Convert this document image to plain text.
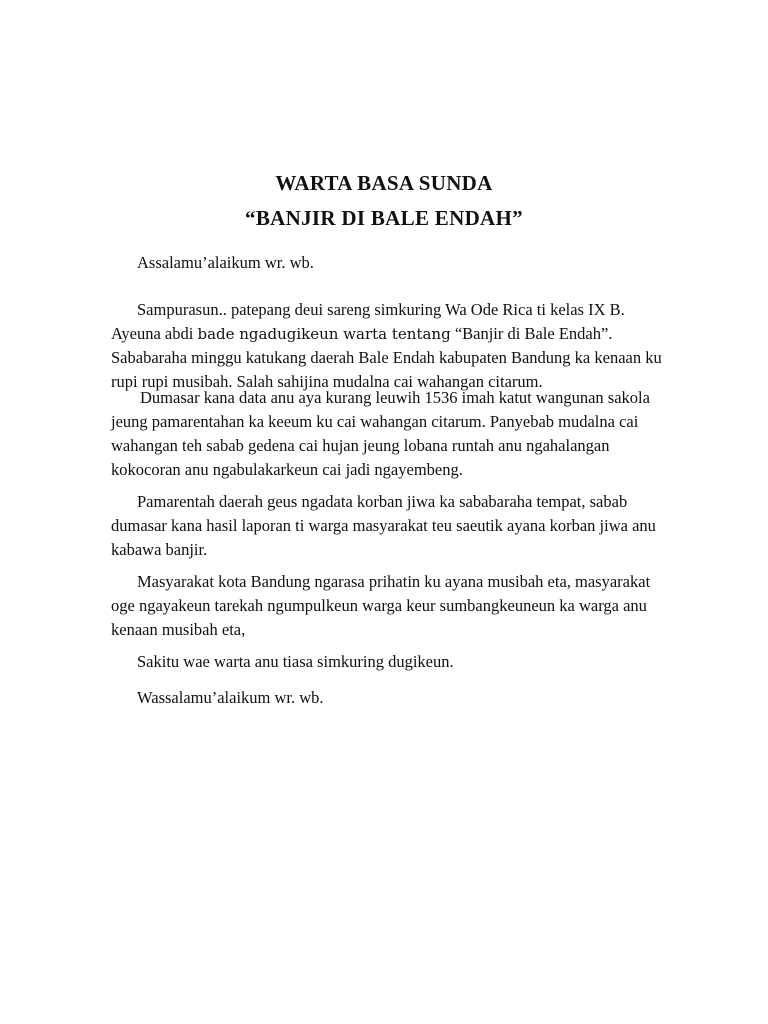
WARTA BASA SUNDA
“BANJIR DI BALE ENDAH”

Assalamu’alaikum wr. wb.

Sampurasun.. patepang deui sareng simkuring Wa Ode Rica ti kelas IX B. Ayeuna abdi bade ngadugikeun warta tentang “Banjir di Bale Endah”. Sababaraha minggu katukang daerah Bale Endah kabupaten Bandung ka kenaan ku rupi rupi musibah. Salah sahijina mudalna cai wahangan citarum.

Dumasar kana data anu aya kurang leuwih 1536 imah katut wangunan sakola jeung pamarentahan ka keeum ku cai wahangan citarum. Panyebab mudalna cai wahangan teh sabab gedena cai hujan jeung lobana runtah anu ngahalangan kokocoran anu ngabulakarkeun cai jadi ngayembeng.

Pamarentah daerah geus ngadata korban jiwa ka sababaraha tempat, sabab dumasar kana hasil laporan ti warga masyarakat teu saeutik ayana korban jiwa anu kabawa banjir.

Masyarakat kota Bandung ngarasa prihatin ku ayana musibah eta, masyarakat oge ngayakeun tarekah ngumpulkeun warga keur sumbangkeuneun ka warga anu kenaan musibah eta,

Sakitu wae warta anu tiasa simkuring dugikeun.

Wassalamu’alaikum wr. wb.
